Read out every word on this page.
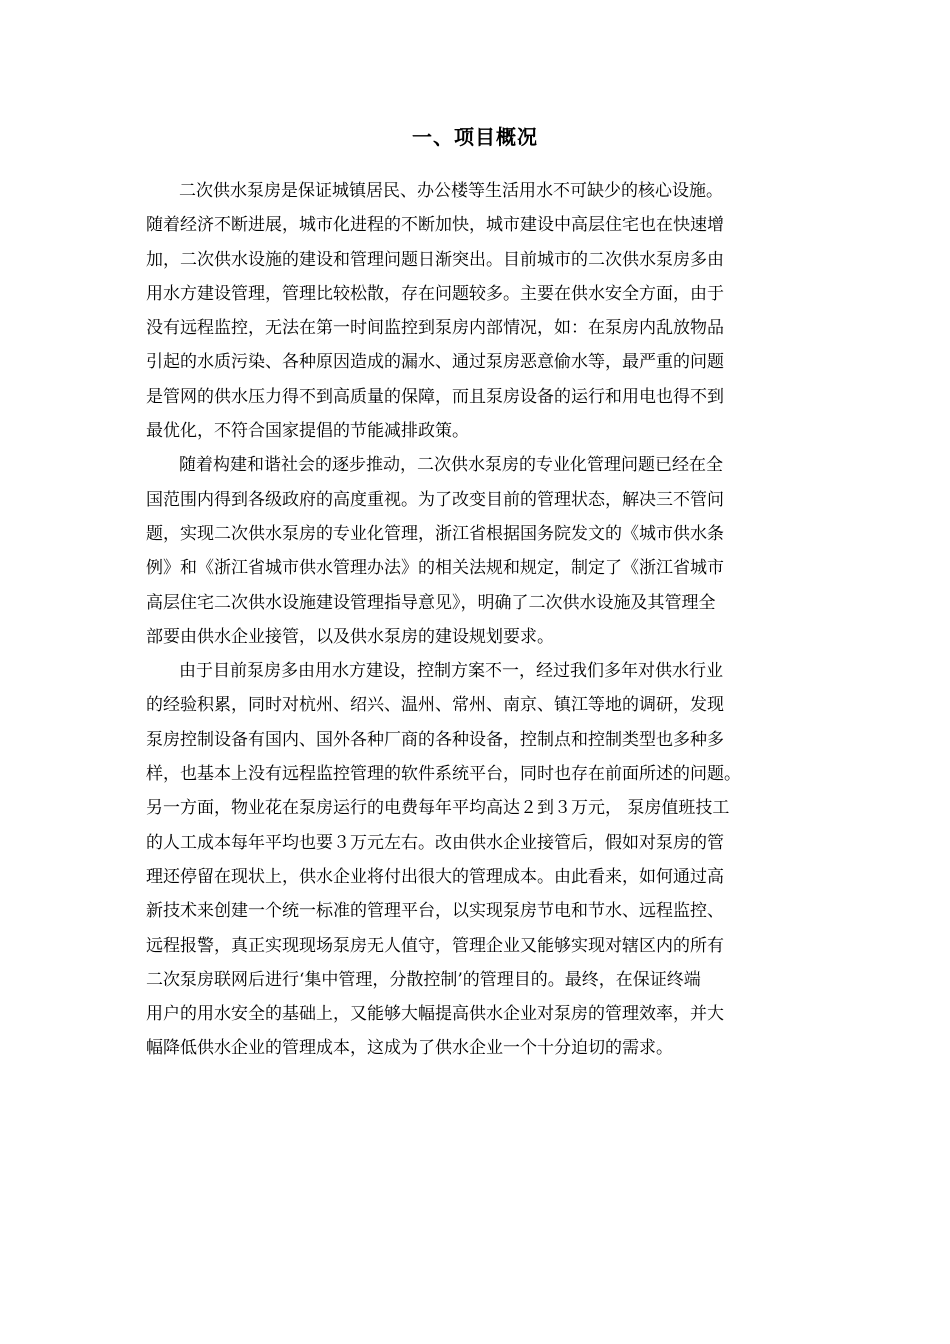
一、项目概况
二次供水泵房是保证城镇居民、办公楼等生活用水不可缺少的核心设施。
随着经济不断进展，城市化进程的不断加快，城市建设中高层住宅也在快速增
加，二次供水设施的建设和管理问题日渐突出。目前城市的二次供水泵房多由
用水方建设管理，管理比较松散，存在问题较多。主要在供水安全方面，由于
没有远程监控，无法在第一时间监控到泵房内部情况，如：在泵房内乱放物品
引起的水质污染、各种原因造成的漏水、通过泵房恶意偷水等，最严重的问题
是管网的供水压力得不到高质量的保障，而且泵房设备的运行和用电也得不到
最优化，不符合国家提倡的节能减排政策。
随着构建和谐社会的逐步推动，二次供水泵房的专业化管理问题已经在全
国范围内得到各级政府的高度重视。为了改变目前的管理状态，解决三不管问
题，实现二次供水泵房的专业化管理，浙江省根据国务院发文的《城市供水条
例》和《浙江省城市供水管理办法》的相关法规和规定，制定了《浙江省城市
高层住宅二次供水设施建设管理指导意见》，明确了二次供水设施及其管理全
部要由供水企业接管，以及供水泵房的建设规划要求。
由于目前泵房多由用水方建设，控制方案不一，经过我们多年对供水行业
的经验积累，同时对杭州、绍兴、温州、常州、南京、镇江等地的调研，发现
泵房控制设备有国内、国外各种厂商的各种设备，控制点和控制类型也多种多
样，也基本上没有远程监控管理的软件系统平台，同时也存在前面所述的问题。
另一方面，物业花在泵房运行的电费每年平均高达２到３万元， 泵房值班技工
的人工成本每年平均也要３万元左右。改由供水企业接管后，假如对泵房的管
理还停留在现状上，供水企业将付出很大的管理成本。由此看来，如何通过高
新技术来创建一个统一标准的管理平台，以实现泵房节电和节水、远程监控、
远程报警，真正实现现场泵房无人值守，管理企业又能够实现对辖区内的所有
二次泵房联网后进行‘集中管理，分散控制’的管理目的。最终，在保证终端
用户的用水安全的基础上，又能够大幅提高供水企业对泵房的管理效率，并大
幅降低供水企业的管理成本，这成为了供水企业一个十分迫切的需求。
